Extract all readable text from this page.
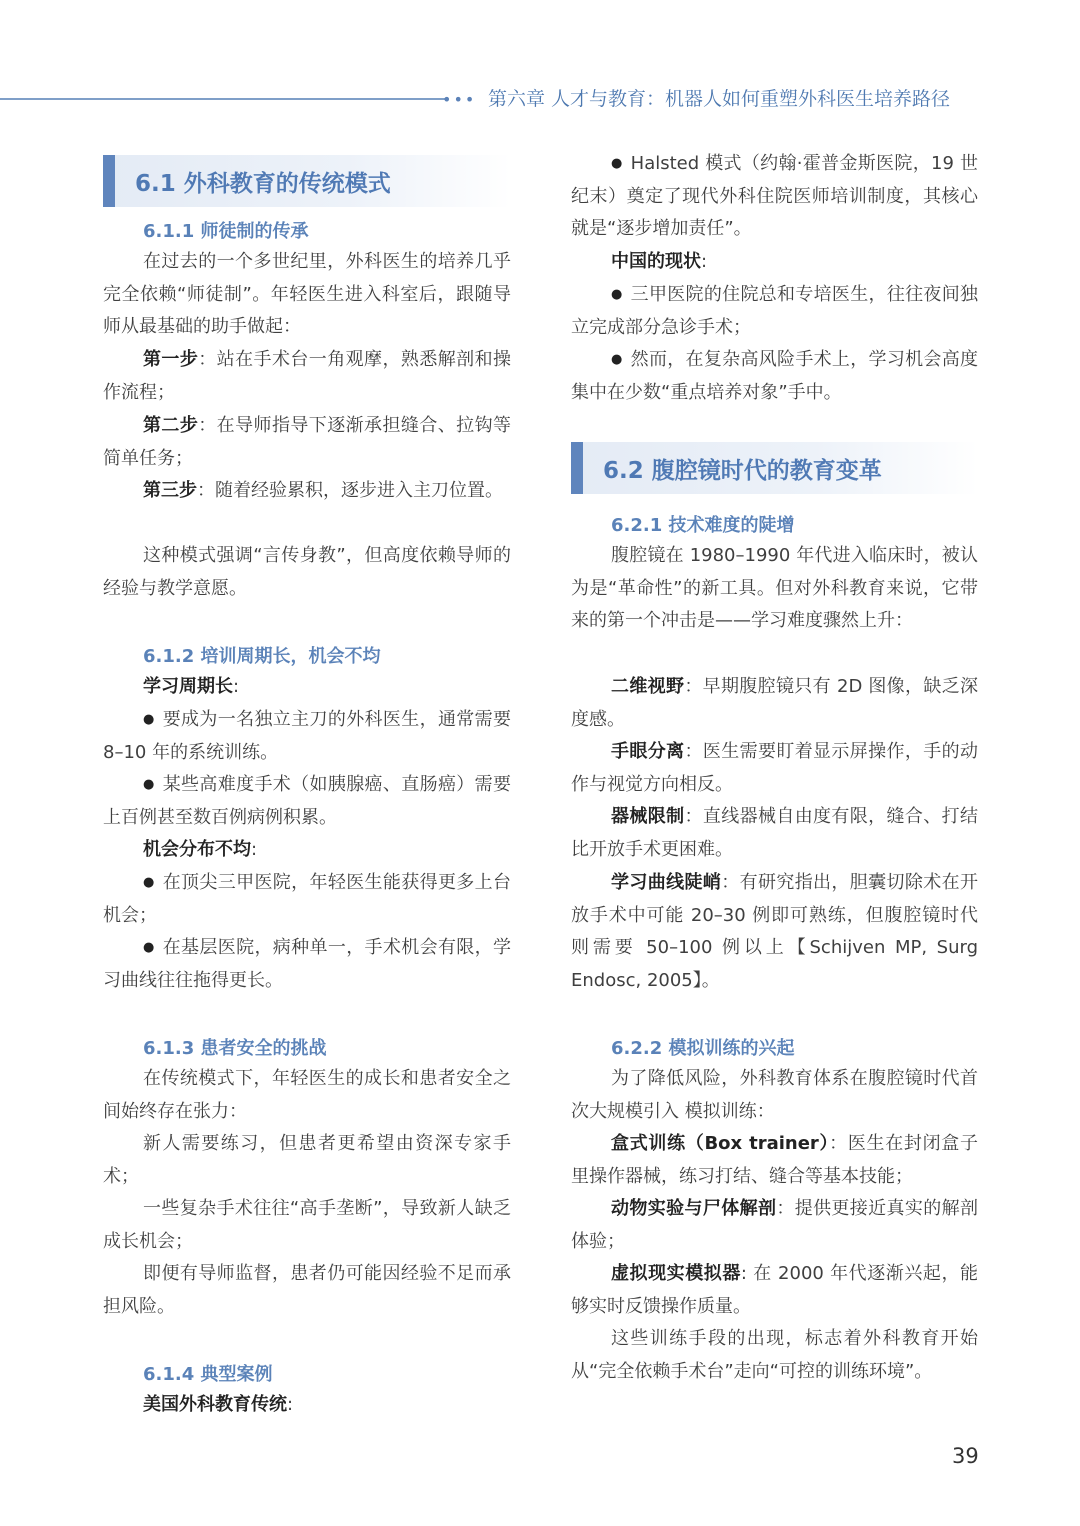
••• 第六章 人才与教育：机器人如何重塑外科医生培养路径
6.1 外科教育的传统模式
6.1.1 师徒制的传承
在过去的一个多世纪里，外科医生的培养几乎完全依赖“师徒制”。年轻医生进入科室后，跟随导师从最基础的助手做起：
第一步：站在手术台一角观摩，熟悉解剖和操作流程；
第二步：在导师指导下逐渐承担缝合、拉钩等简单任务；
第三步：随着经验累积，逐步进入主刀位置。
这种模式强调“言传身教”，但高度依赖导师的经验与教学意愿。
6.1.2 培训周期长，机会不均
学习周期长:
● 要成为一名独立主刀的外科医生，通常需要 8–10 年的系统训练。
● 某些高难度手术（如胰腺癌、直肠癌）需要上百例甚至数百例病例积累。
机会分布不均:
● 在顶尖三甲医院，年轻医生能获得更多上台机会；
● 在基层医院，病种单一，手术机会有限，学习曲线往往拖得更长。
6.1.3 患者安全的挑战
在传统模式下，年轻医生的成长和患者安全之间始终存在张力：
新人需要练习，但患者更希望由资深专家手术；
一些复杂手术往往“高手垄断”，导致新人缺乏成长机会；
即便有导师监督，患者仍可能因经验不足而承担风险。
6.1.4 典型案例
美国外科教育传统:
● Halsted 模式（约翰·霍普金斯医院，19 世纪末）奠定了现代外科住院医师培训制度，其核心就是“逐步增加责任”。
中国的现状:
● 三甲医院的住院总和专培医生，往往夜间独立完成部分急诊手术；
● 然而，在复杂高风险手术上，学习机会高度集中在少数“重点培养对象”手中。
6.2 腹腔镜时代的教育变革
6.2.1 技术难度的陡增
腹腔镜在 1980–1990 年代进入临床时，被认为是“革命性”的新工具。但对外科教育来说，它带来的第一个冲击是——学习难度骤然上升：
二维视野：早期腹腔镜只有 2D 图像，缺乏深度感。
手眼分离：医生需要盯着显示屏操作，手的动作与视觉方向相反。
器械限制：直线器械自由度有限，缝合、打结比开放手术更困难。
学习曲线陡峭：有研究指出，胆囊切除术在开放手术中可能 20–30 例即可熟练，但腹腔镜时代则需要 50–100 例以上【Schijven MP, Surg Endosc, 2005】。
6.2.2 模拟训练的兴起
为了降低风险，外科教育体系在腹腔镜时代首次大规模引入 模拟训练：
盒式训练（Box trainer）：医生在封闭盒子里操作器械，练习打结、缝合等基本技能；
动物实验与尸体解剖：提供更接近真实的解剖体验；
虚拟现实模拟器: 在 2000 年代逐渐兴起，能够实时反馈操作质量。
这些训练手段的出现，标志着外科教育开始从“完全依赖手术台”走向“可控的训练环境”。
39
